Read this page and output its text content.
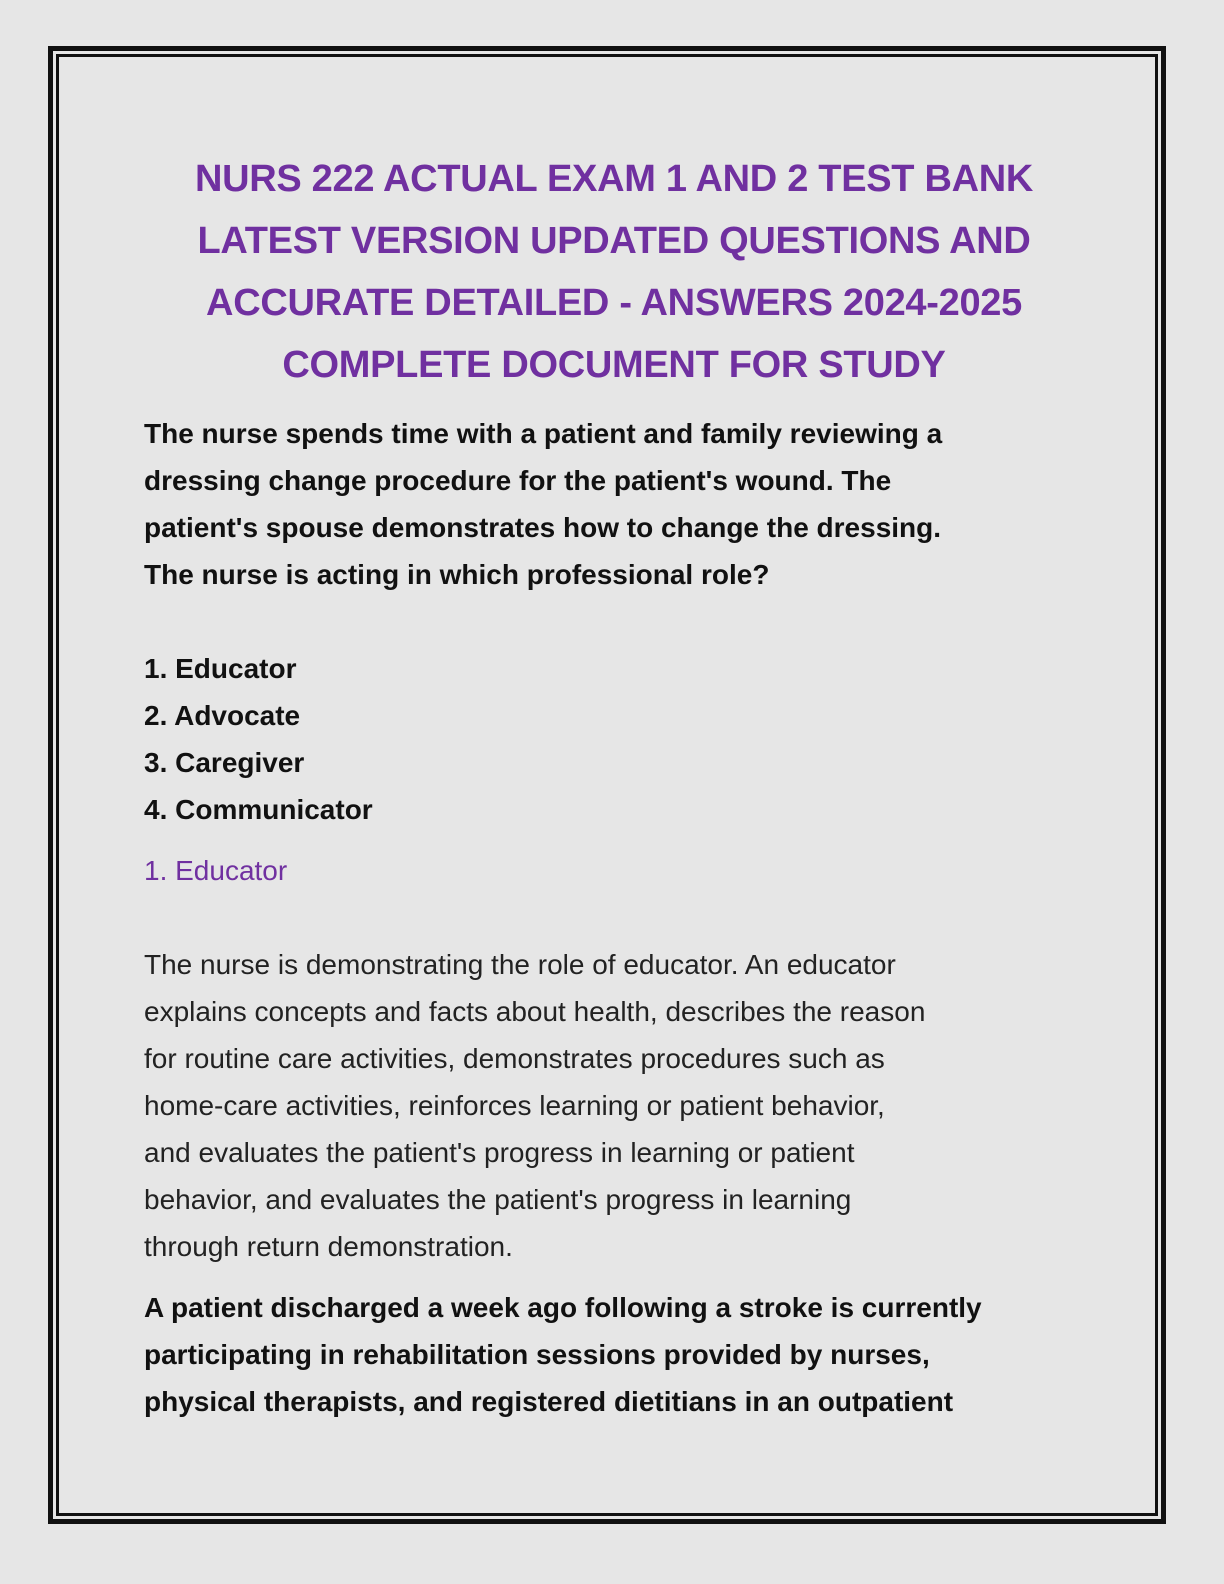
NURS 222 ACTUAL EXAM 1 AND 2 TEST BANK
LATEST VERSION UPDATED QUESTIONS AND
ACCURATE DETAILED - ANSWERS 2024-2025
COMPLETE DOCUMENT FOR STUDY
The nurse spends time with a patient and family reviewing a
dressing change procedure for the patient's wound. The
patient's spouse demonstrates how to change the dressing.
The nurse is acting in which professional role?
1. Educator
2. Advocate
3. Caregiver
4. Communicator
1. Educator
The nurse is demonstrating the role of educator. An educator
explains concepts and facts about health, describes the reason
for routine care activities, demonstrates procedures such as
home-care activities, reinforces learning or patient behavior,
and evaluates the patient's progress in learning or patient
behavior, and evaluates the patient's progress in learning
through return demonstration.
A patient discharged a week ago following a stroke is currently
participating in rehabilitation sessions provided by nurses,
physical therapists, and registered dietitians in an outpatient
